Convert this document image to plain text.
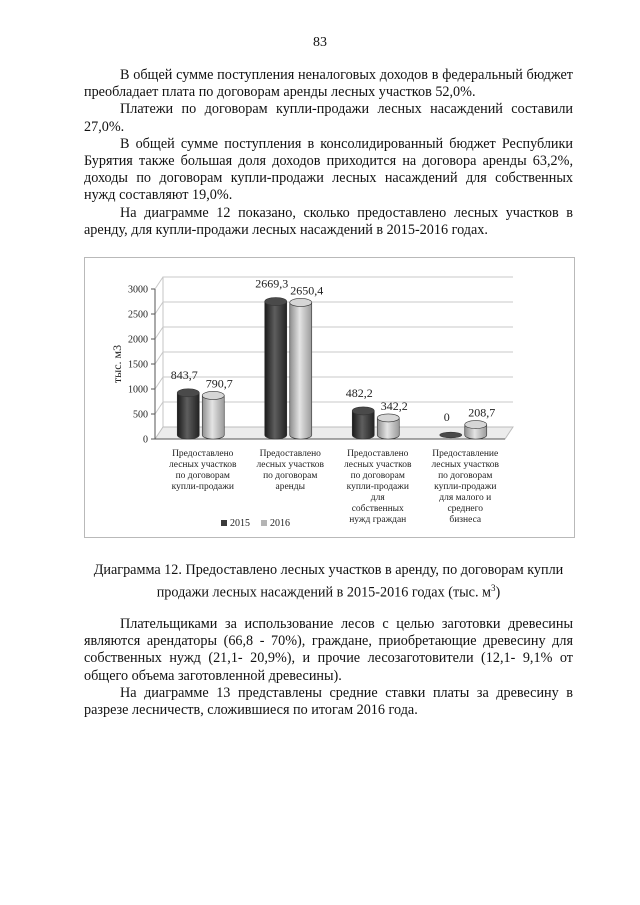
83

В общей сумме поступления неналоговых доходов в федеральный бюджет преобладает плата по договорам аренды лесных участков 52,0%.

Платежи по договорам купли-продажи лесных насаждений составили 27,0%.

В общей сумме поступления в консолидированный бюджет Республики Бурятия также большая доля доходов приходится на договора аренды 63,2%, доходы по договорам купли-продажи лесных насаждений для собственных нужд составляют 19,0%.

На диаграмме 12 показано, сколько предоставлено лесных участков в аренду, для купли-продажи лесных насаждений в 2015-2016 годах.

0
500
1000
1500
2000
2500
3000
тыс. м3	843,7
2669,3
482,2
0
790,7
2650,4
342,2	208,7
Предоставлено
лесных участков
по договорам
купли-продажи
Предоставлено
лесных участков
по договорам
аренды
Предоставлено
лесных участков
по договорам
купли-продажи
для
собственных
нужд граждан
Предоставление
лесных участков
по договорам
купли-продажи
для малого и
среднего
бизнеса
2015 2016

Диаграмма 12. Предоставлено лесных участков в аренду, по договорам купли продажи лесных насаждений в 2015-2016 годах (тыс. $м^3$)

Плательщиками за использование лесов с целью заготовки древесины являются арендаторы (66,8 - 70%), граждане, приобретающие древесину для собственных нужд (21,1- 20,9%), и прочие лесозаготовители (12,1- 9,1% от общего объема заготовленной древесины).

На диаграмме 13 представлены средние ставки платы за древесину в разрезе лесничеств, сложившиеся по итогам 2016 года.
